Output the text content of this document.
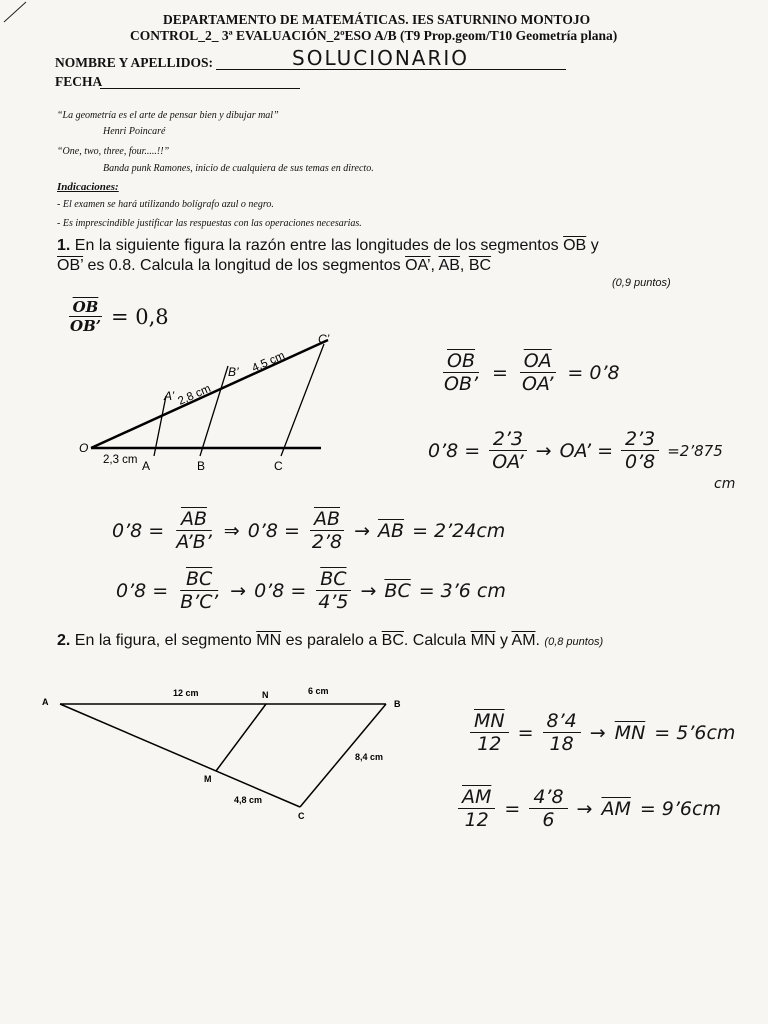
DEPARTAMENTO DE MATEMÁTICAS. IES SATURNINO MONTOJO
CONTROL_2_ 3ª EVALUACIÓN_2ºESO A/B (T9 Prop.geom/T10 Geometría plana)
NOMBRE Y APELLIDOS:	SOLUCIONARIO
FECHA
“La geometría es el arte de pensar bien y dibujar mal”
Henri Poincaré
“One, two, three, four.....!!”
Banda punk Ramones, inicio de cualquiera de sus temas en directo.
Indicaciones:
- El examen se hará utilizando bolígrafo azul o negro.
- Es imprescindible justificar las respuestas con las operaciones necesarias.
1. En la siguiente figura la razón entre las longitudes de los segmentos $\overline{OB}$ y
OB’ es 0.8. Calcula la longitud de los segmentos OA’, $\overline{AB}$, $\overline{BC}$
(0,9 puntos)
$\frac{\overline{OB}}{OB’} = 0,8$
O
A	B	C
A’
B’
C’
2,3 cm
2,8 cm
4,5 cm	$\frac{\overline{OB}}{OB’} = \frac{\overline{OA}}{OA’}$ = 0’8
0’8 = $\frac{2’3}{OA’}$ → OA’ = $\frac{2’3}{0’8}$ =2’875
cm
0’8 = $\frac{\overline{AB}}{A’B’}$ ⇒ 0’8 = $\frac{\overline{AB}}{2’8} \to \overline{AB}$ = 2’24cm
0’8 = $\frac{\overline{BC}}{B’C’}$ → 0’8 = $\frac{\overline{BC}}{4’5} \to \overline{BC}$ = 3’6 cm
2. En la figura, el segmento $\overline{MN}$ es paralelo a $\overline{BC}$. Calcula $\overline{MN}$ y $\overline{AM}$. (0,8 puntos)
A
N
B
M
C
12 cm	6 cm
8,4 cm
4,8 cm
$\frac{\overline{MN}}{12} = \frac{8’4}{18} \to \overline{MN}$ = 5’6cm
$\frac{\overline{AM}}{12} = \frac{4’8}{6} \to \overline{AM}$ = 9’6cm
